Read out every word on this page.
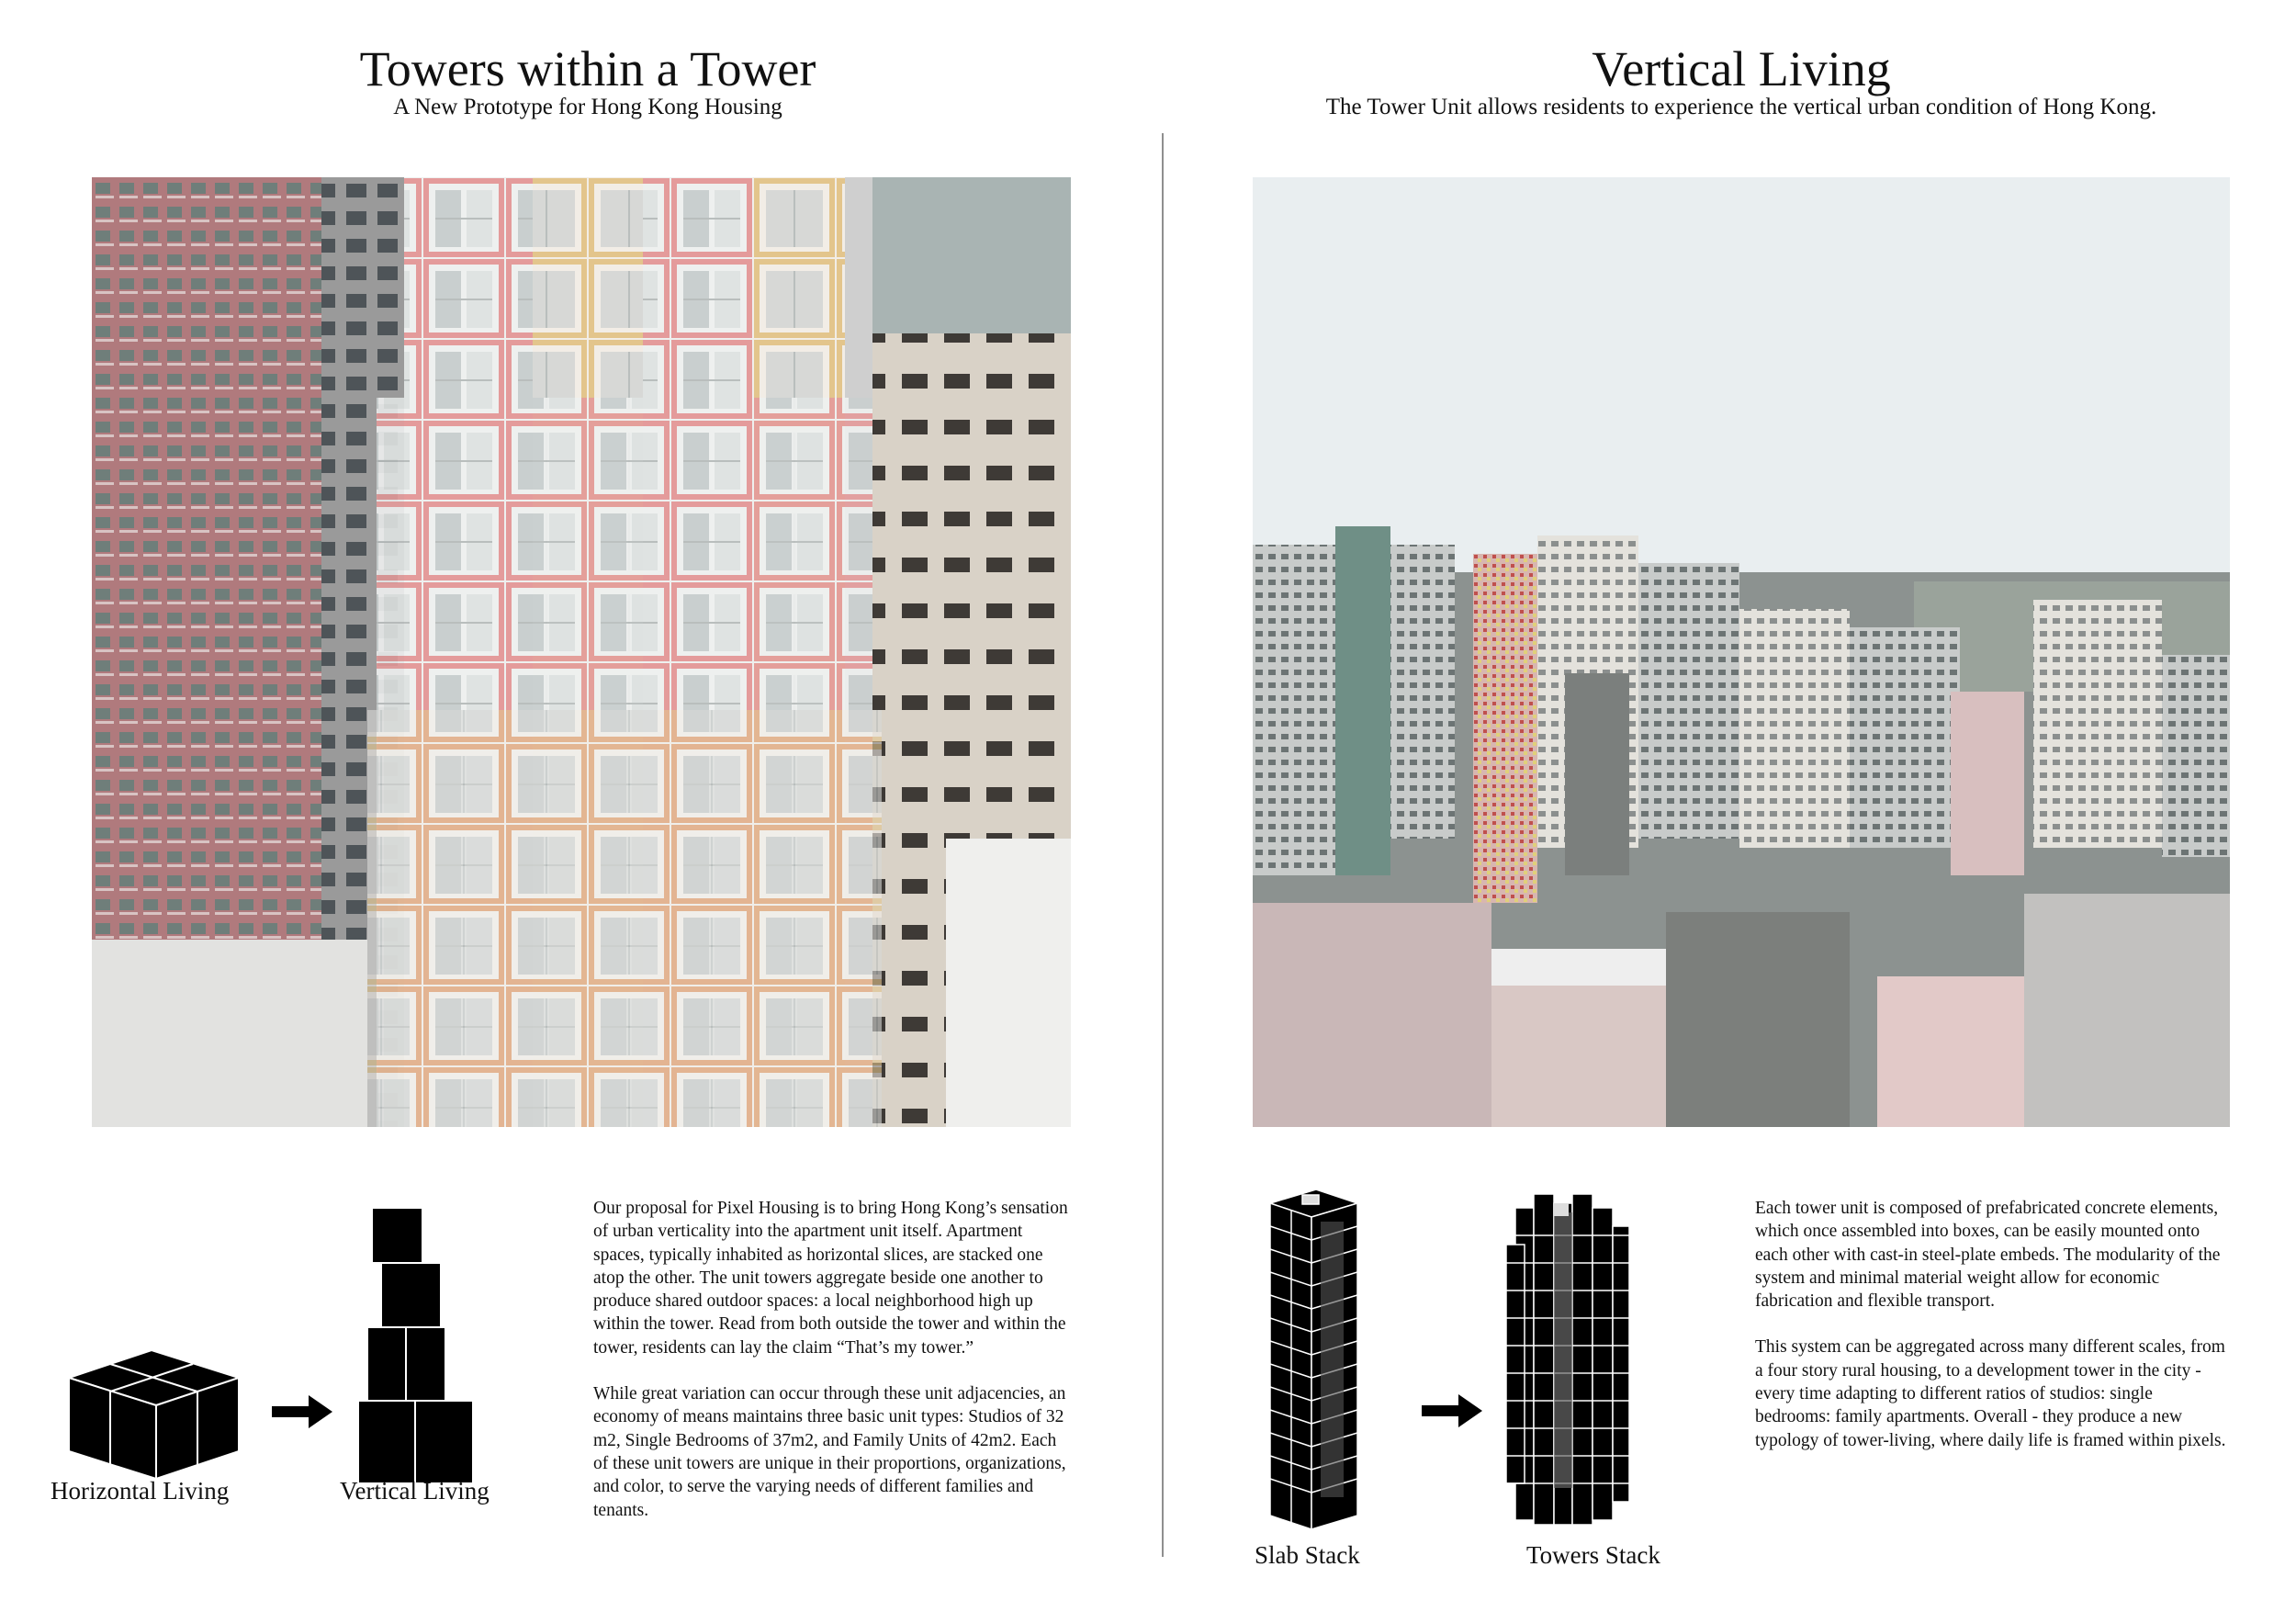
Towers within a Tower
A New Prototype for Hong Kong Housing
Horizontal Living	Vertical Living

Our proposal for Pixel Housing is to bring Hong Kong’s sensation of urban verticality into the apartment unit itself. Apartment spaces, typically inhabited as horizontal slices, are stacked one atop the other. The unit towers aggregate beside one another to produce shared outdoor spaces: a local neighborhood high up within the tower. Read from both outside the tower and within the tower, residents can lay the claim “That’s my tower.”

While great variation can occur through these unit adjacencies, an economy of means maintains three basic unit types: Studios of 32 m2, Single Bedrooms of 37m2, and Family Units of 42m2. Each of these unit towers are unique in their proportions, organizations, and color, to serve the varying needs of different families and tenants.

Vertical Living
The Tower Unit allows residents to experience the vertical urban condition of Hong Kong.
Slab Stack	Towers Stack

Each tower unit is composed of prefabricated concrete elements, which once assembled into boxes, can be easily mounted onto each other with cast-in steel-plate embeds. The modularity of the system and minimal material weight allow for economic fabrication and flexible transport.

This system can be aggregated across many different scales, from a four story rural housing, to a development tower in the city - every time adapting to different ratios of studios: single bedrooms: family apartments. Overall - they produce a new typology of tower-living, where daily life is framed within pixels.
